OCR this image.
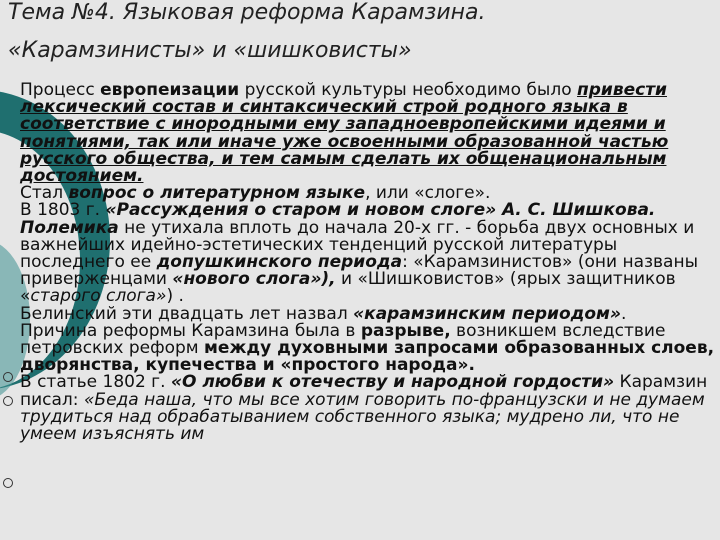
Тема №4. Языковая реформа Карамзина.
«Карамзинисты» и «шишковисты»

Процесс европеизации русской культуры необходимо было привести лексический состав и синтаксический строй родного языка в соответствие с инородными ему западноевропейскими идеями и понятиями, так или иначе уже освоенными образованной частью русского общества, и тем самым сделать их общенациональным достоянием.

Стал вопрос о литературном языке, или «слоге».

В 1803 г. «Рассуждения о старом и новом слоге» А. С. Шишкова. Полемика не утихала вплоть до начала 20-х гг. - борьба двух основных и важнейших идейно-эстетических тенденций русской литературы последнего ее допушкинского периода: «Карамзинистов» (они названы приверженцами «нового слога»), и «Шишковистов» (ярых защитников «старого слога») .

Белинский эти двадцать лет назвал «карамзинским периодом».

Причина реформы Карамзина была в разрыве, возникшем вследствие петровских реформ между духовными запросами образованных слоев, дворянства, купечества и «простого народа».

В статье 1802 г. «О любви к отечеству и народной гордости» Карамзин писал: «Беда наша, что мы все хотим говорить по-французски и не думаем трудиться над обрабатыванием собственного языка; мудрено ли, что не умеем изъяснять им
